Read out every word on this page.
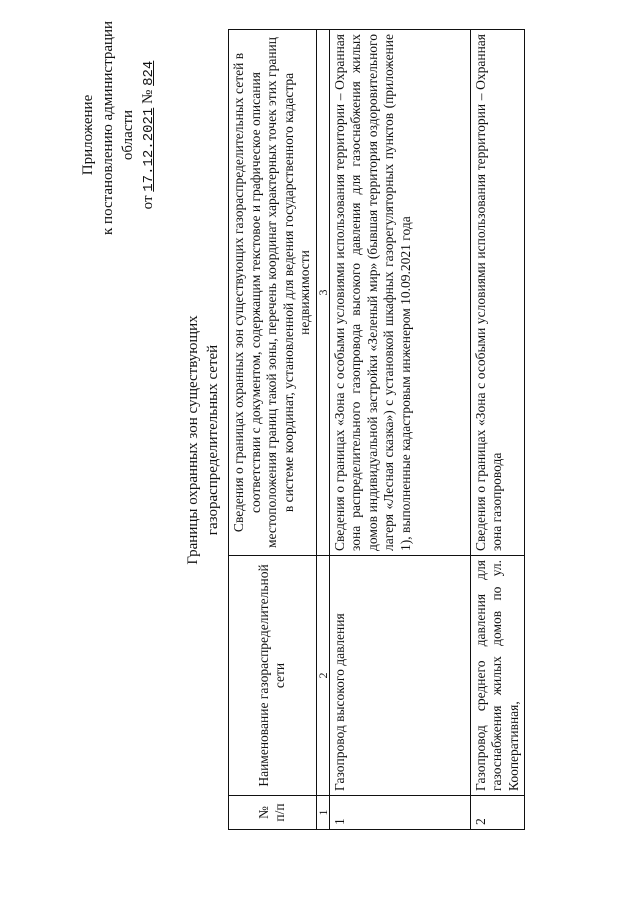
Приложение к постановлению администрации области
от 17.12.2021 № 824
Границы охранных зон существующих газораспределительных сетей
№ п/п	Наименование газораспределительной сети	Сведения о границах охранных зон существующих газораспределительных сетей в соответствии с документом, содержащим текстовое и графическое описания местоположения границ такой зоны, перечень координат характерных точек этих границ в системе координат, установленной для ведения государственного кадастра недвижимости
1	2	3
1	Газопровод высокого давления	Сведения о границах «Зона с особыми условиями использования территории – Охранная зона распределительного газопровода высокого давления для газоснабжения жилых домов индивидуальной застройки «Зеленый мир» (бывшая территория оздоровительного лагеря «Лесная сказка») с установкой шкафных газорегуляторных пунктов (приложение 1), выполненные кадастровым инженером 10.09.2021 года
2	Газопровод среднего давления для газоснабжения жилых домов по ул. Кооперативная,	Сведения о границах «Зона с особыми условиями использования территории – Охранная зона газопровода
